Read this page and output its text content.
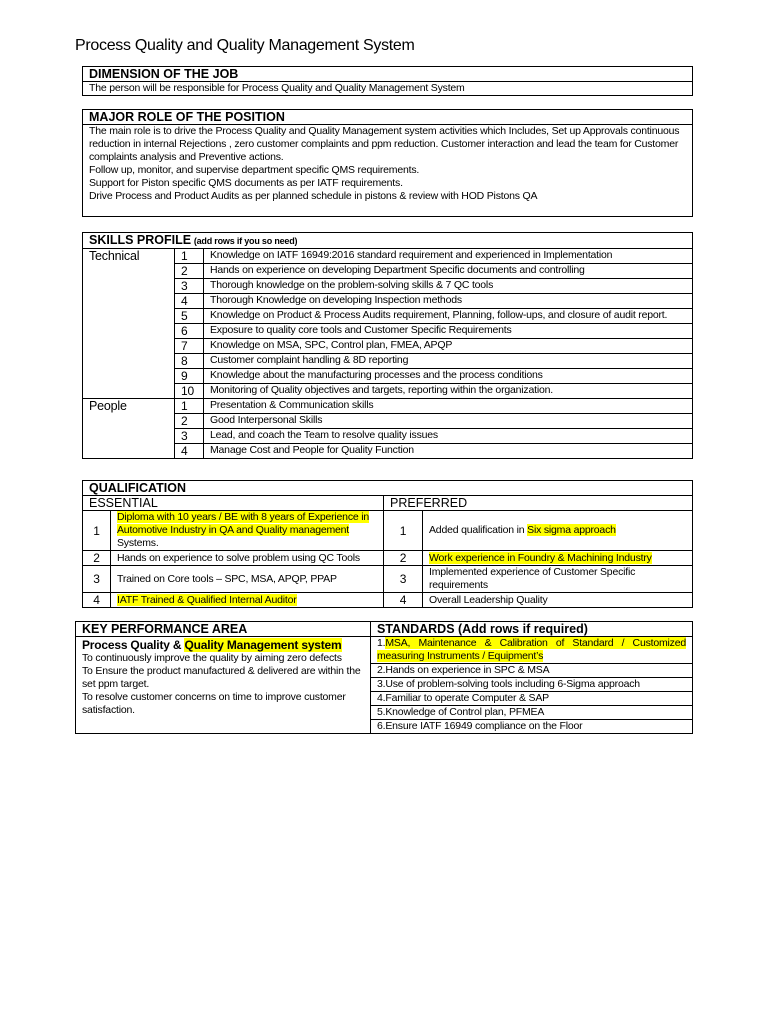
Process Quality and Quality Management System
DIMENSION OF THE JOB
The person will be responsible for Process Quality and Quality Management System
MAJOR ROLE OF THE POSITION

The main role is to drive the Process Quality and Quality Management system activities which Includes, Set up Approvals continuous reduction in internal Rejections , zero customer complaints and ppm reduction. Customer interaction and lead the team for Customer complaints analysis and Preventive actions.
Follow up, monitor, and supervise department specific QMS requirements.
Support for Piston specific QMS documents as per IATF requirements.
Drive Process and Product Audits as per planned schedule in pistons & review with HOD Pistons QA
SKILLS PROFILE (add rows if you so need)		
Technical	1	Knowledge on IATF 16949:2016 standard requirement and experienced in Implementation
	2	Hands on experience on developing Department Specific documents and controlling
	3	Thorough knowledge on the problem-solving skills & 7 QC tools
	4	Thorough Knowledge on developing Inspection methods
	5	Knowledge on Product & Process Audits requirement, Planning, follow-ups, and closure of audit report.
	6	Exposure to quality core tools and Customer Specific Requirements
	7	Knowledge on MSA, SPC, Control plan, FMEA, APQP
	8	Customer complaint handling & 8D reporting
	9	Knowledge about the manufacturing processes and the process conditions
	10	Monitoring of Quality objectives and targets, reporting within the organization.
People	1	Presentation & Communication skills
	2	Good Interpersonal Skills
	3	Lead, and coach the Team to resolve quality issues
	4	Manage Cost and People for Quality Function
QUALIFICATION			
ESSENTIAL		PREFERRED	
1	Diploma with 10 years / BE with 8 years of Experience in Automotive Industry in QA and Quality management Systems.	1	Added qualification in Six sigma approach
2	Hands on experience to solve problem using QC Tools	2	Work experience in Foundry & Machining Industry
3	Trained on Core tools – SPC, MSA, APQP, PPAP	3	Implemented experience of Customer Specific requirements
4	IATF Trained & Qualified Internal Auditor	4	Overall Leadership Quality
KEY PERFORMANCE AREA	STANDARDS (Add rows if required)

Process Quality & Quality Management system
To continuously improve the quality by aiming zero defects
To Ensure the product manufactured & delivered are within the set ppm target.
To resolve customer concerns on time to improve customer satisfaction.	1.MSA, Maintenance & Calibration of Standard / Customized measuring Instruments / Equipment’s
	2.Hands on experience in SPC & MSA
	3.Use of problem-solving tools including 6-Sigma approach
	4.Familiar to operate Computer & SAP
	5.Knowledge of Control plan, PFMEA
	6.Ensure IATF 16949 compliance on the Floor
